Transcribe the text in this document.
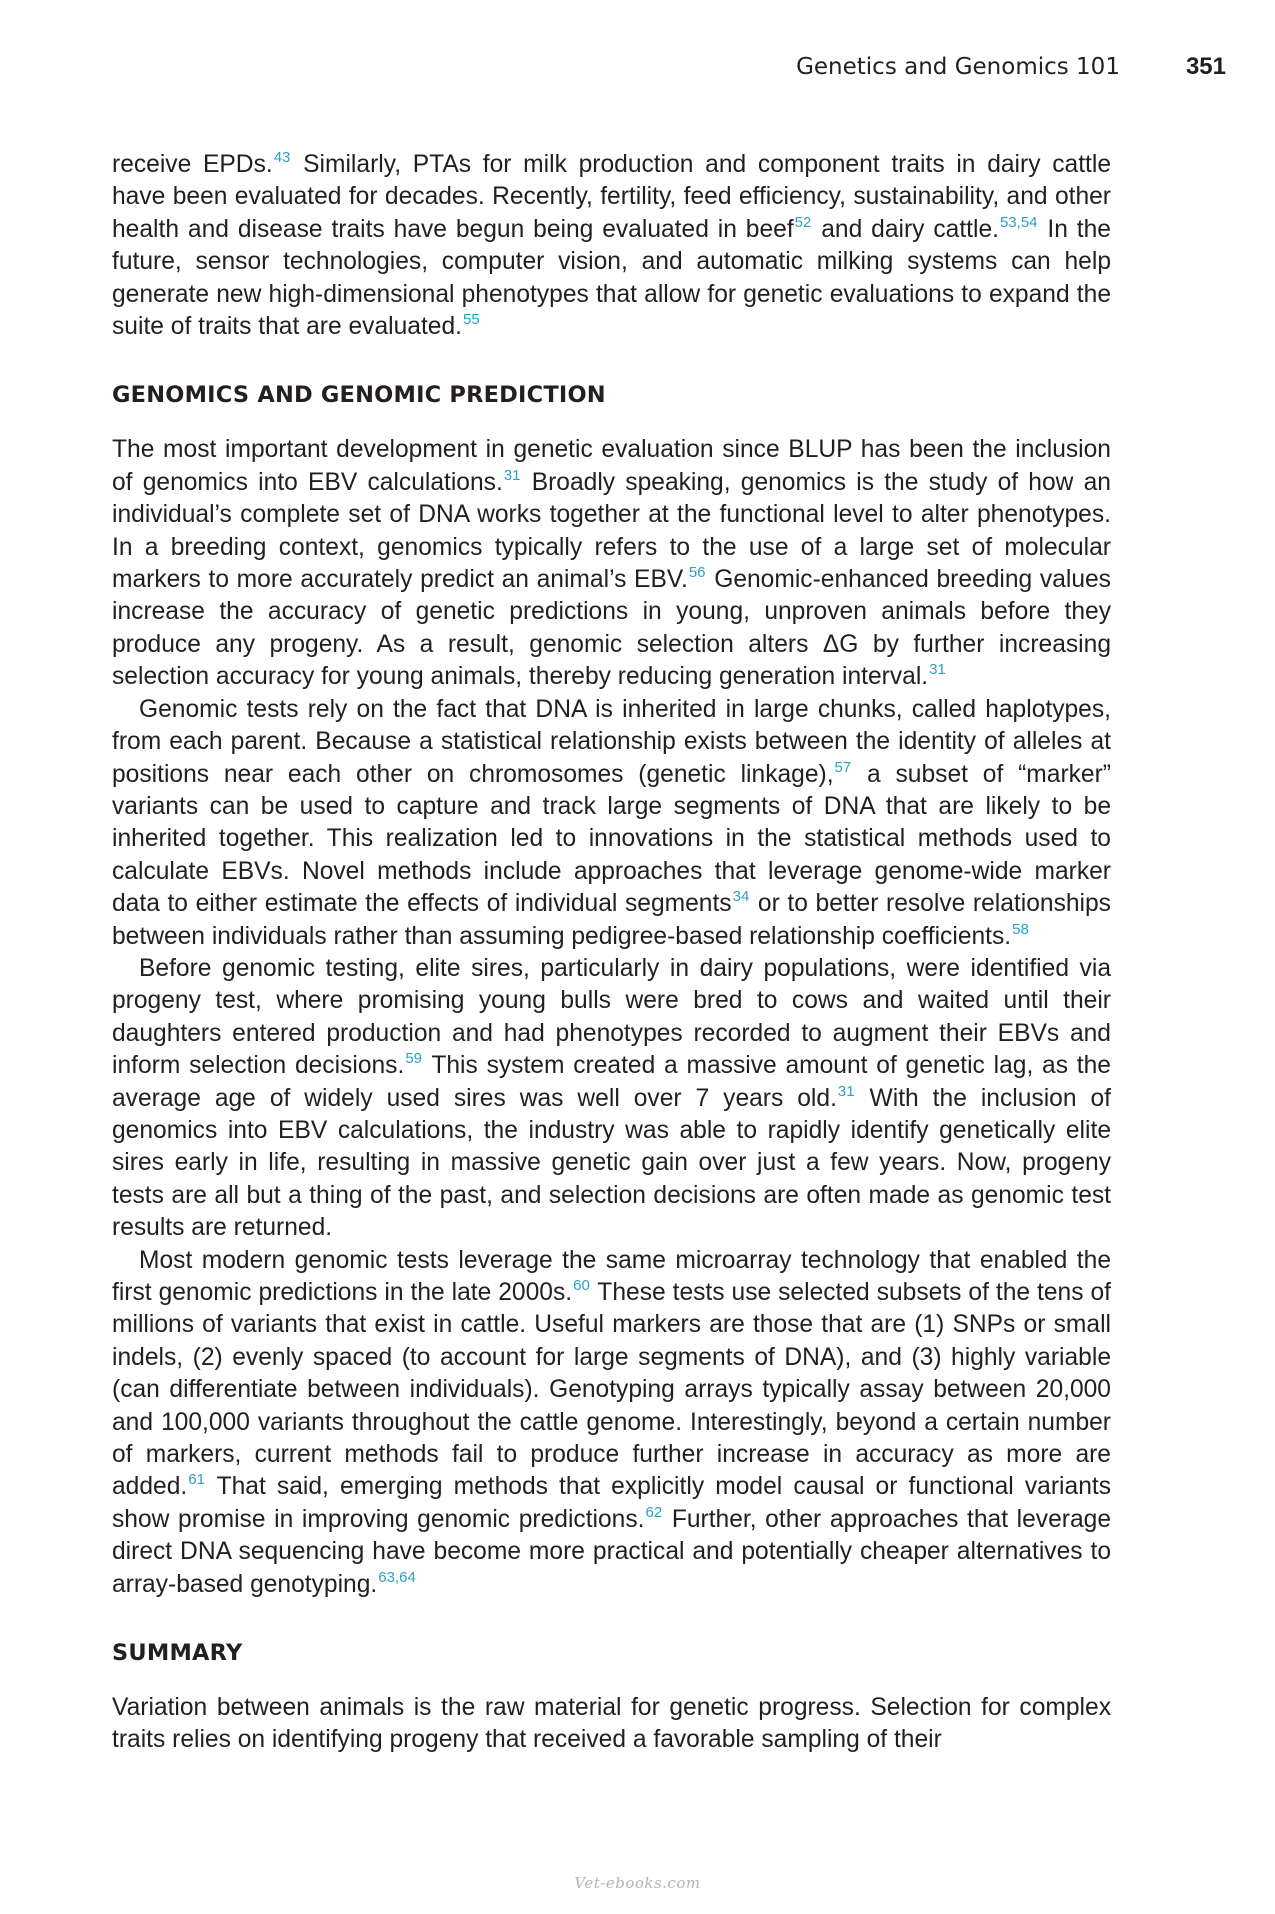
Genetics and Genomics 101	351

receive EPDs.$^{43}$ Similarly, PTAs for milk production and component traits in dairy cattle have been evaluated for decades. Recently, fertility, feed efficiency, sustainability, and other health and disease traits have begun being evaluated in beef$^{52}$ and dairy cattle.$^{53,54}$ In the future, sensor technologies, computer vision, and automatic milking systems can help generate new high-dimensional phenotypes that allow for genetic evaluations to expand the suite of traits that are evaluated.$^{55}$

GENOMICS AND GENOMIC PREDICTION

The most important development in genetic evaluation since BLUP has been the inclusion of genomics into EBV calculations.$^{31}$ Broadly speaking, genomics is the study of how an individual’s complete set of DNA works together at the functional level to alter phenotypes. In a breeding context, genomics typically refers to the use of a large set of molecular markers to more accurately predict an animal’s EBV.$^{56}$ Genomic-enhanced breeding values increase the accuracy of genetic predictions in young, unproven animals before they produce any progeny. As a result, genomic selection alters ΔG by further increasing selection accuracy for young animals, thereby reducing generation interval.$^{31}$

Genomic tests rely on the fact that DNA is inherited in large chunks, called haplotypes, from each parent. Because a statistical relationship exists between the identity of alleles at positions near each other on chromosomes (genetic linkage),$^{57}$ a subset of “marker” variants can be used to capture and track large segments of DNA that are likely to be inherited together. This realization led to innovations in the statistical methods used to calculate EBVs. Novel methods include approaches that leverage genome-wide marker data to either estimate the effects of individual segments$^{34}$ or to better resolve relationships between individuals rather than assuming pedigree-based relationship coefficients.$^{58}$

Before genomic testing, elite sires, particularly in dairy populations, were identified via progeny test, where promising young bulls were bred to cows and waited until their daughters entered production and had phenotypes recorded to augment their EBVs and inform selection decisions.$^{59}$ This system created a massive amount of genetic lag, as the average age of widely used sires was well over 7 years old.$^{31}$ With the inclusion of genomics into EBV calculations, the industry was able to rapidly identify genetically elite sires early in life, resulting in massive genetic gain over just a few years. Now, progeny tests are all but a thing of the past, and selection decisions are often made as genomic test results are returned.

Most modern genomic tests leverage the same microarray technology that enabled the first genomic predictions in the late 2000s.$^{60}$ These tests use selected subsets of the tens of millions of variants that exist in cattle. Useful markers are those that are (1) SNPs or small indels, (2) evenly spaced (to account for large segments of DNA), and (3) highly variable (can differentiate between individuals). Genotyping arrays typically assay between 20,000 and 100,000 variants throughout the cattle genome. Interestingly, beyond a certain number of markers, current methods fail to produce further increase in accuracy as more are added.$^{61}$ That said, emerging methods that explicitly model causal or functional variants show promise in improving genomic predictions.$^{62}$ Further, other approaches that leverage direct DNA sequencing have become more practical and potentially cheaper alternatives to array-based genotyping.$^{63,64}$

SUMMARY

Variation between animals is the raw material for genetic progress. Selection for complex traits relies on identifying progeny that received a favorable sampling of their

Vet-ebooks.com
